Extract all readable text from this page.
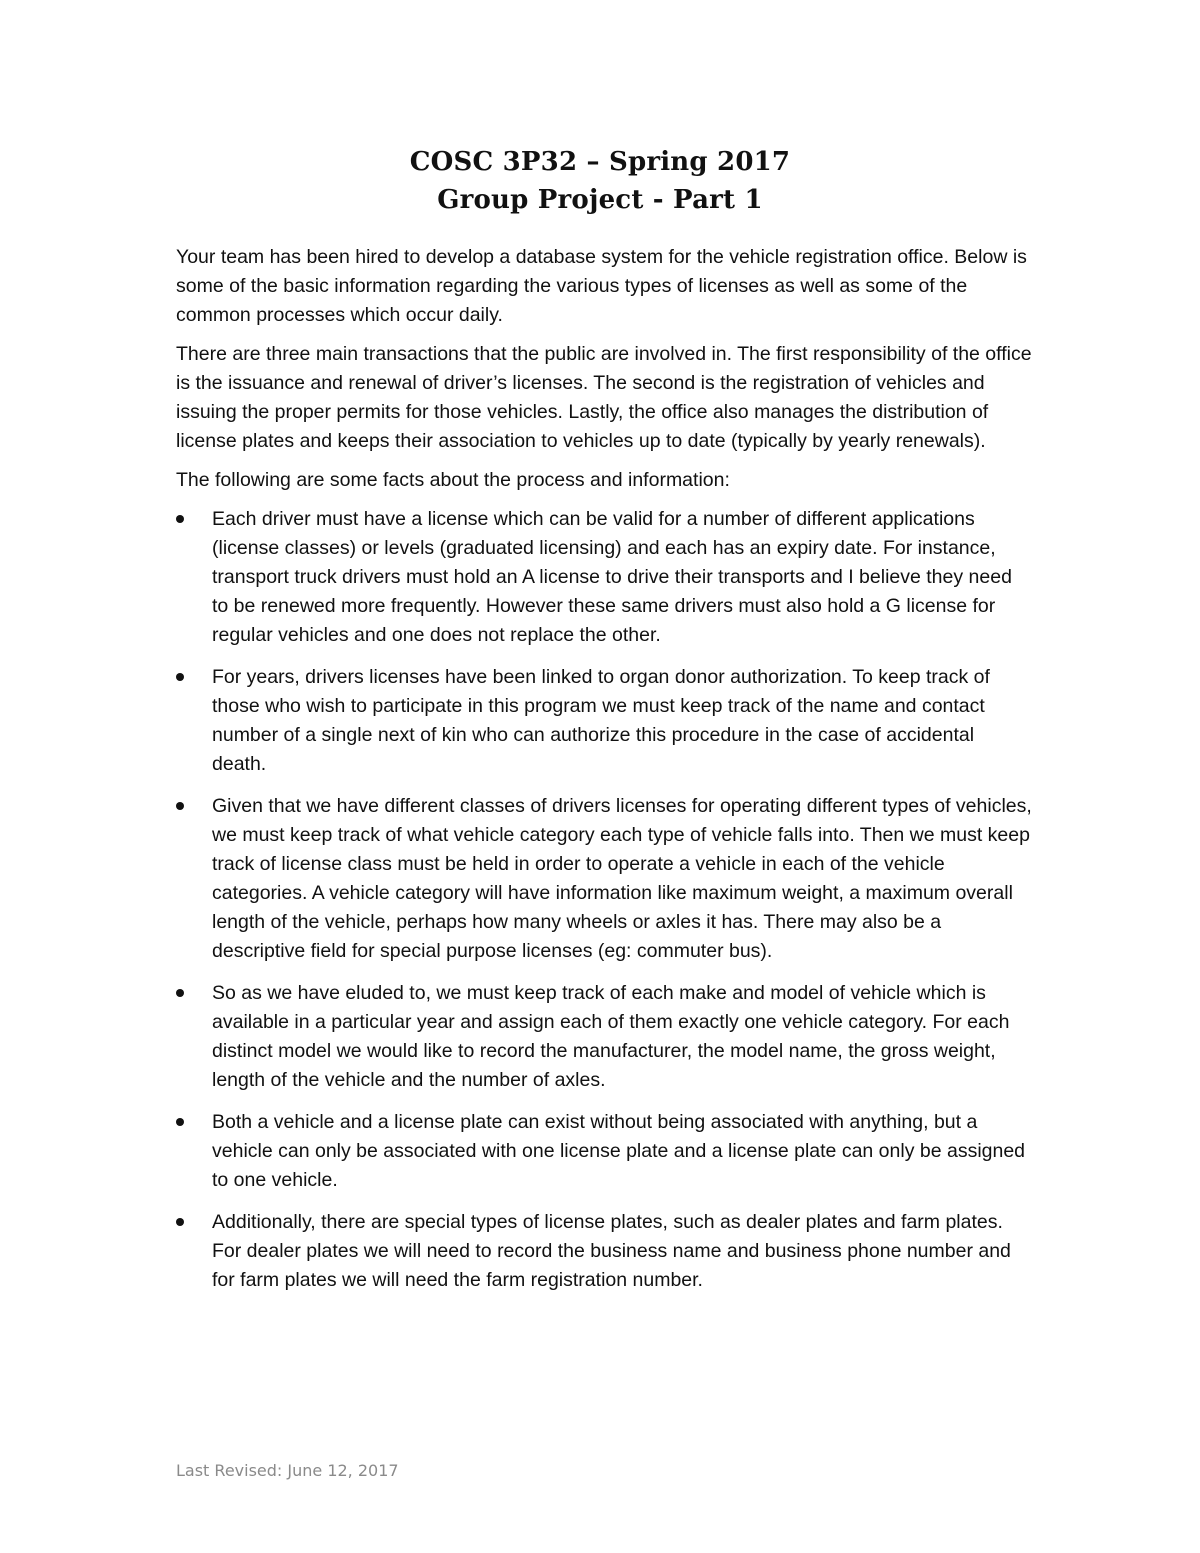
COSC 3P32 – Spring 2017
Group Project - Part 1

Your team has been hired to develop a database system for the vehicle registration office. Below is some of the basic information regarding the various types of licenses as well as some of the common processes which occur daily.

There are three main transactions that the public are involved in. The first responsibility of the office is the issuance and renewal of driver’s licenses. The second is the registration of vehicles and issuing the proper permits for those vehicles. Lastly, the office also manages the distribution of license plates and keeps their association to vehicles up to date (typically by yearly renewals).

The following are some facts about the process and information:

Each driver must have a license which can be valid for a number of different applications (license classes) or levels (graduated licensing) and each has an expiry date. For instance, transport truck drivers must hold an A license to drive their transports and I believe they need to be renewed more frequently. However these same drivers must also hold a G license for regular vehicles and one does not replace the other.
For years, drivers licenses have been linked to organ donor authorization. To keep track of those who wish to participate in this program we must keep track of the name and contact number of a single next of kin who can authorize this procedure in the case of accidental death.
Given that we have different classes of drivers licenses for operating different types of vehicles, we must keep track of what vehicle category each type of vehicle falls into. Then we must keep track of license class must be held in order to operate a vehicle in each of the vehicle categories. A vehicle category will have information like maximum weight, a maximum overall length of the vehicle, perhaps how many wheels or axles it has. There may also be a descriptive field for special purpose licenses (eg: commuter bus).
So as we have eluded to, we must keep track of each make and model of vehicle which is available in a particular year and assign each of them exactly one vehicle category. For each distinct model we would like to record the manufacturer, the model name, the gross weight, length of the vehicle and the number of axles.
Both a vehicle and a license plate can exist without being associated with anything, but a vehicle can only be associated with one license plate and a license plate can only be assigned to one vehicle.
Additionally, there are special types of license plates, such as dealer plates and farm plates. For dealer plates we will need to record the business name and business phone number and for farm plates we will need the farm registration number.
Last Revised: June 12, 2017
